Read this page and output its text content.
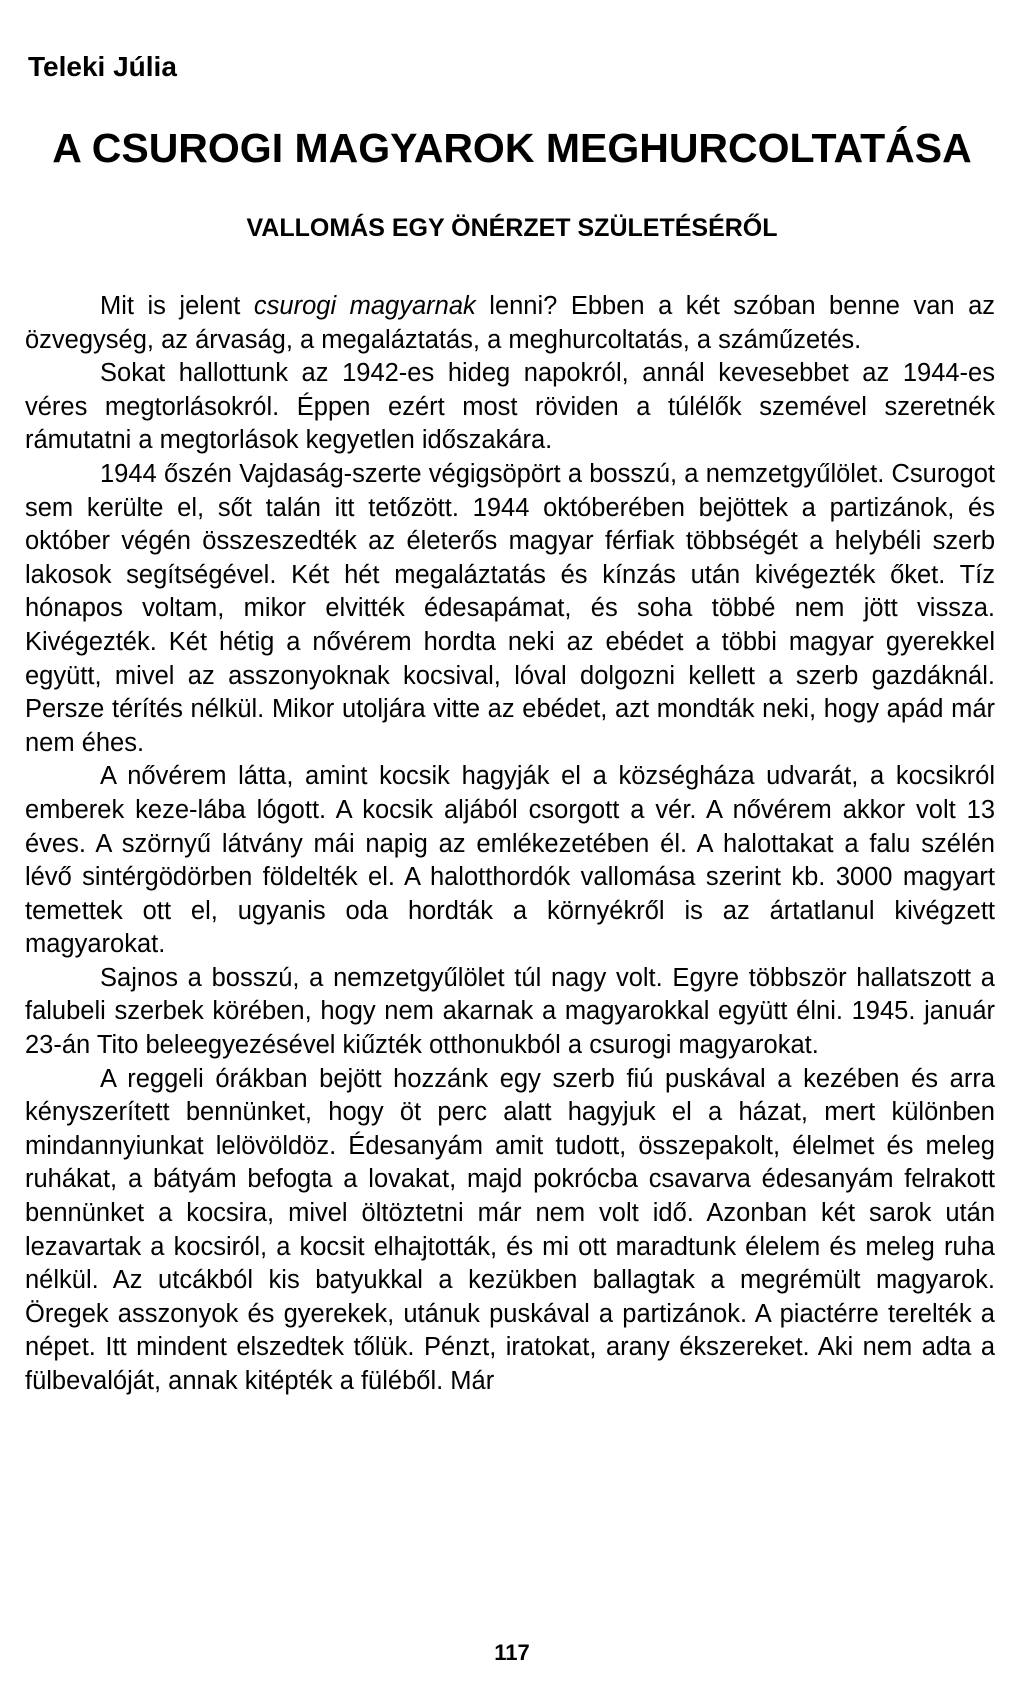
Teleki Júlia
A CSUROGI MAGYAROK MEGHURCOLTATÁSA
VALLOMÁS EGY ÖNÉRZET SZÜLETÉSÉRŐL

Mit is jelent csurogi magyarnak lenni? Ebben a két szóban benne van az özvegység, az árvaság, a megaláztatás, a meghurcoltatás, a száműzetés.

Sokat hallottunk az 1942-es hideg napokról, annál kevesebbet az 1944-es véres megtorlásokról. Éppen ezért most röviden a túlélők szemével szeretnék rámutatni a megtorlások kegyetlen időszakára.

1944 őszén Vajdaság-szerte végigsöpört a bosszú, a nemzetgyűlölet. Csurogot sem kerülte el, sőt talán itt tetőzött. 1944 októberében bejöttek a partizánok, és október végén összeszedték az életerős magyar férfiak többségét a helybéli szerb lakosok segítségével. Két hét megaláztatás és kínzás után kivégezték őket. Tíz hónapos voltam, mikor elvitték édesapámat, és soha többé nem jött vissza. Kivégezték. Két hétig a nővérem hordta neki az ebédet a többi magyar gyerekkel együtt, mivel az asszonyoknak kocsival, lóval dolgozni kellett a szerb gazdáknál. Persze térítés nélkül. Mikor utoljára vitte az ebédet, azt mondták neki, hogy apád már nem éhes.

A nővérem látta, amint kocsik hagyják el a községháza udvarát, a kocsikról emberek keze-lába lógott. A kocsik aljából csorgott a vér. A nővérem akkor volt 13 éves. A szörnyű látvány mái napig az emlékezetében él. A halottakat a falu szélén lévő sintérgödörben földelték el. A halotthordók vallomása szerint kb. 3000 magyart temettek ott el, ugyanis oda hordták a környékről is az ártatlanul kivégzett magyarokat.

Sajnos a bosszú, a nemzetgyűlölet túl nagy volt. Egyre többször hallatszott a falubeli szerbek körében, hogy nem akarnak a magyarokkal együtt élni. 1945. január 23-án Tito beleegyezésével kiűzték otthonukból a csurogi magyarokat.

A reggeli órákban bejött hozzánk egy szerb fiú puskával a kezében és arra kényszerített bennünket, hogy öt perc alatt hagyjuk el a házat, mert különben mindannyiunkat lelövöldöz. Édesanyám amit tudott, összepakolt, élelmet és meleg ruhákat, a bátyám befogta a lovakat, majd pokrócba csavarva édesanyám felrakott bennünket a kocsira, mivel öltöztetni már nem volt idő. Azonban két sarok után lezavartak a kocsiról, a kocsit elhajtották, és mi ott maradtunk élelem és meleg ruha nélkül. Az utcákból kis batyukkal a kezükben ballagtak a megrémült magyarok. Öregek asszonyok és gyerekek, utánuk puskával a partizánok. A piactérre terelték a népet. Itt mindent elszedtek tőlük. Pénzt, iratokat, arany ékszereket. Aki nem adta a fülbevalóját, annak kitépték a füléből. Már

117
